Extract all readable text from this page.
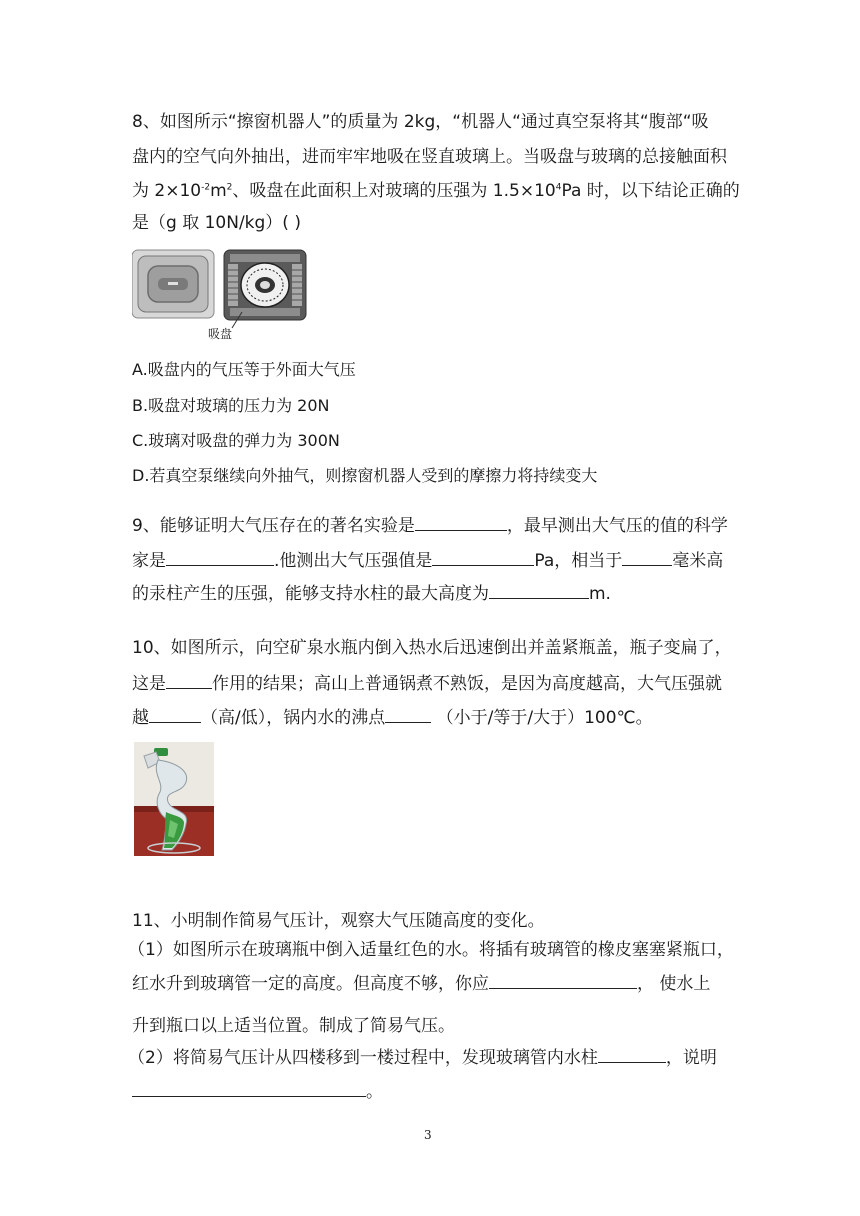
8、如图所示“擦窗机器人”的质量为 2kg，“机器人“通过真空泵将其“腹部“吸
盘内的空气向外抽出，进而牢牢地吸在竖直玻璃上。当吸盘与玻璃的总接触面积
为 $2\times 10^{-2}m^2$、吸盘在此面积上对玻璃的压强为 $1.5\times 10^4Pa$ 时，以下结论正确的
是（g 取 10N/kg）( )
吸盘
A.吸盘内的气压等于外面大气压
B.吸盘对玻璃的压力为 20N
C.玻璃对吸盘的弹力为 300N
D.若真空泵继续向外抽气，则擦窗机器人受到的摩擦力将持续变大
9、能够证明大气压存在的著名实验是	，最早测出大气压的值的科学
家是	.他测出大气压强值是	Pa，相当于	毫米高
的汞柱产生的压强，能够支持水柱的最大高度为	m.
10、如图所示，向空矿泉水瓶内倒入热水后迅速倒出并盖紧瓶盖，瓶子变扁了，
这是	作用的结果；高山上普通锅煮不熟饭，是因为高度越高，大气压强就
越	（高/低），锅内水的沸点	（小于/等于/大于）100℃。
11、小明制作简易气压计，观察大气压随高度的变化。
（1）如图所示在玻璃瓶中倒入适量红色的水。将插有玻璃管的橡皮塞塞紧瓶口，
红水升到玻璃管一定的高度。但高度不够，你应	， 使水上
升到瓶口以上适当位置。制成了简易气压。
（2）将简易气压计从四楼移到一楼过程中，发现玻璃管内水柱	，说明
。
3
